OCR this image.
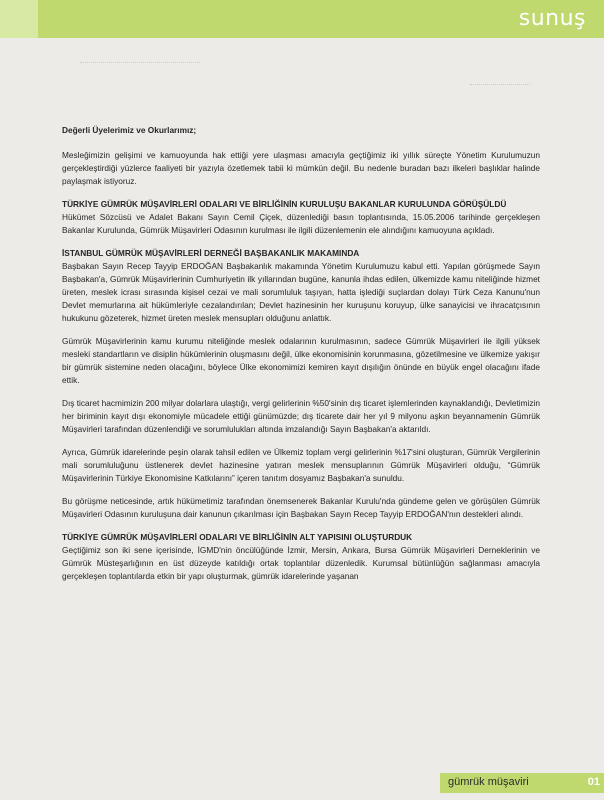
sunuş

Değerli Üyelerimiz ve Okurlarımız;

Mesleğimizin gelişimi ve kamuoyunda hak ettiği yere ulaşması amacıyla geçtiğimiz iki yıllık süreçte Yönetim Kurulumuzun gerçekleştirdiği yüzlerce faaliyeti bir yazıyla özetlemek tabii ki mümkün değil. Bu nedenle buradan bazı ilkeleri başlıklar halinde paylaşmak istiyoruz.

TÜRKİYE GÜMRÜK MÜŞAVİRLERİ ODALARI VE BİRLİĞİNİN KURULUŞU BAKANLAR KURULUNDA GÖRÜŞÜLDÜ

Hükümet Sözcüsü ve Adalet Bakanı Sayın Cemil Çiçek, düzenlediği basın toplantısında, 15.05.2006 tarihinde gerçekleşen Bakanlar Kurulunda, Gümrük Müşavirleri Odasının kurulması ile ilgili düzenlemenin ele alındığını kamuoyuna açıkladı.

İSTANBUL GÜMRÜK MÜŞAVİRLERİ DERNEĞİ BAŞBAKANLIK MAKAMINDA

Başbakan Sayın Recep Tayyip ERDOĞAN Başbakanlık makamında Yönetim Kurulumuzu kabul etti. Yapılan görüşmede Sayın Başbakan'a, Gümrük Müşavirlerinin Cumhuriyetin ilk yıllarından bugüne, kanunla ihdas edilen, ülkemizde kamu niteliğinde hizmet üreten, meslek icrası sırasında kişisel cezai ve mali sorumluluk taşıyan, hatta işlediği suçlardan dolayı Türk Ceza Kanunu'nun Devlet memurlarına ait hükümleriyle cezalandırılan; Devlet hazinesinin her kuruşunu koruyup, ülke sanayicisi ve ihracatçısının hukukunu gözeterek, hizmet üreten meslek mensupları olduğunu anlattık.

Gümrük Müşavirlerinin kamu kurumu niteliğinde meslek odalarının kurulmasının, sadece Gümrük Müşavirleri ile ilgili yüksek mesleki standartların ve disiplin hükümlerinin oluşmasını değil, ülke ekonomisinin korunmasına, gözetilmesine ve ülkemize yakışır bir gümrük sistemine neden olacağını, böylece Ülke ekonomimizi kemiren kayıt dışılığın önünde en büyük engel olacağını ifade ettik.

Dış ticaret hacmimizin 200 milyar dolarlara ulaştığı, vergi gelirlerinin %50'sinin dış ticaret işlemlerinden kaynaklandığı, Devletimizin her biriminin kayıt dışı ekonomiyle mücadele ettiği günümüzde; dış ticarete dair her yıl 9 milyonu aşkın beyannamenin Gümrük Müşavirleri tarafından düzenlendiği ve sorumlulukları altında imzalandığı Sayın Başbakan'a aktarıldı.

Ayrıca, Gümrük idarelerinde peşin olarak tahsil edilen ve Ülkemiz toplam vergi gelirlerinin %17'sini oluşturan, Gümrük Vergilerinin mali sorumluluğunu üstlenerek devlet hazinesine yatıran meslek mensuplarının Gümrük Müşavirleri olduğu, “Gümrük Müşavirlerinin Türkiye Ekonomisine Katkılarını” içeren tanıtım dosyamız Başbakan'a sunuldu.

Bu görüşme neticesinde, artık hükümetimiz tarafından önemsenerek Bakanlar Kurulu'nda gündeme gelen ve görüşülen Gümrük Müşavirleri Odasının kuruluşuna dair kanunun çıkarılması için Başbakan Sayın Recep Tayyip ERDOĞAN'nın destekleri alındı.

TÜRKİYE GÜMRÜK MÜŞAVİRLERİ ODALARI VE BİRLİĞİNİN ALT YAPISINI OLUŞTURDUK

Geçtiğimiz son iki sene içerisinde, İGMD'nin öncülüğünde İzmir, Mersin, Ankara, Bursa Gümrük Müşavirleri Derneklerinin ve Gümrük Müsteşarlığının en üst düzeyde katıldığı ortak toplantılar düzenledik. Kurumsal bütünlüğün sağlanması amacıyla gerçekleşen toplantılarda etkin bir yapı oluşturmak, gümrük idarelerinde yaşanan

gümrük müşaviri	01
